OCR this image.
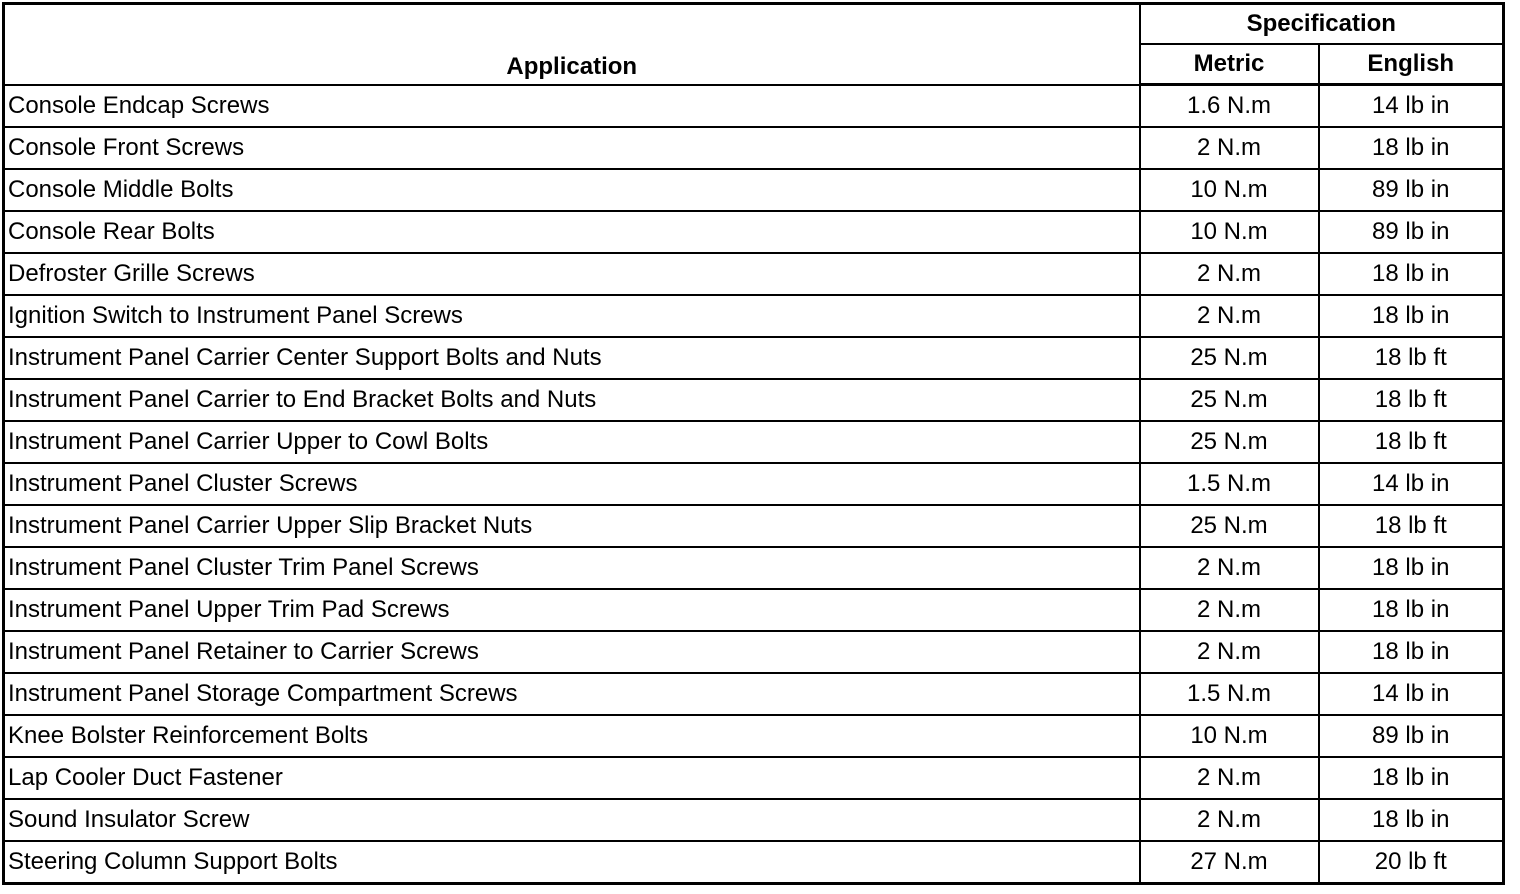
Application	Specification	
	Metric	English
Console Endcap Screws	1.6 N.m	14 lb in
Console Front Screws	2 N.m	18 lb in
Console Middle Bolts	10 N.m	89 lb in
Console Rear Bolts	10 N.m	89 lb in
Defroster Grille Screws	2 N.m	18 lb in
Ignition Switch to Instrument Panel Screws	2 N.m	18 lb in
Instrument Panel Carrier Center Support Bolts and Nuts	25 N.m	18 lb ft
Instrument Panel Carrier to End Bracket Bolts and Nuts	25 N.m	18 lb ft
Instrument Panel Carrier Upper to Cowl Bolts	25 N.m	18 lb ft
Instrument Panel Cluster Screws	1.5 N.m	14 lb in
Instrument Panel Carrier Upper Slip Bracket Nuts	25 N.m	18 lb ft
Instrument Panel Cluster Trim Panel Screws	2 N.m	18 lb in
Instrument Panel Upper Trim Pad Screws	2 N.m	18 lb in
Instrument Panel Retainer to Carrier Screws	2 N.m	18 lb in
Instrument Panel Storage Compartment Screws	1.5 N.m	14 lb in
Knee Bolster Reinforcement Bolts	10 N.m	89 lb in
Lap Cooler Duct Fastener	2 N.m	18 lb in
Sound Insulator Screw	2 N.m	18 lb in
Steering Column Support Bolts	27 N.m	20 lb ft
